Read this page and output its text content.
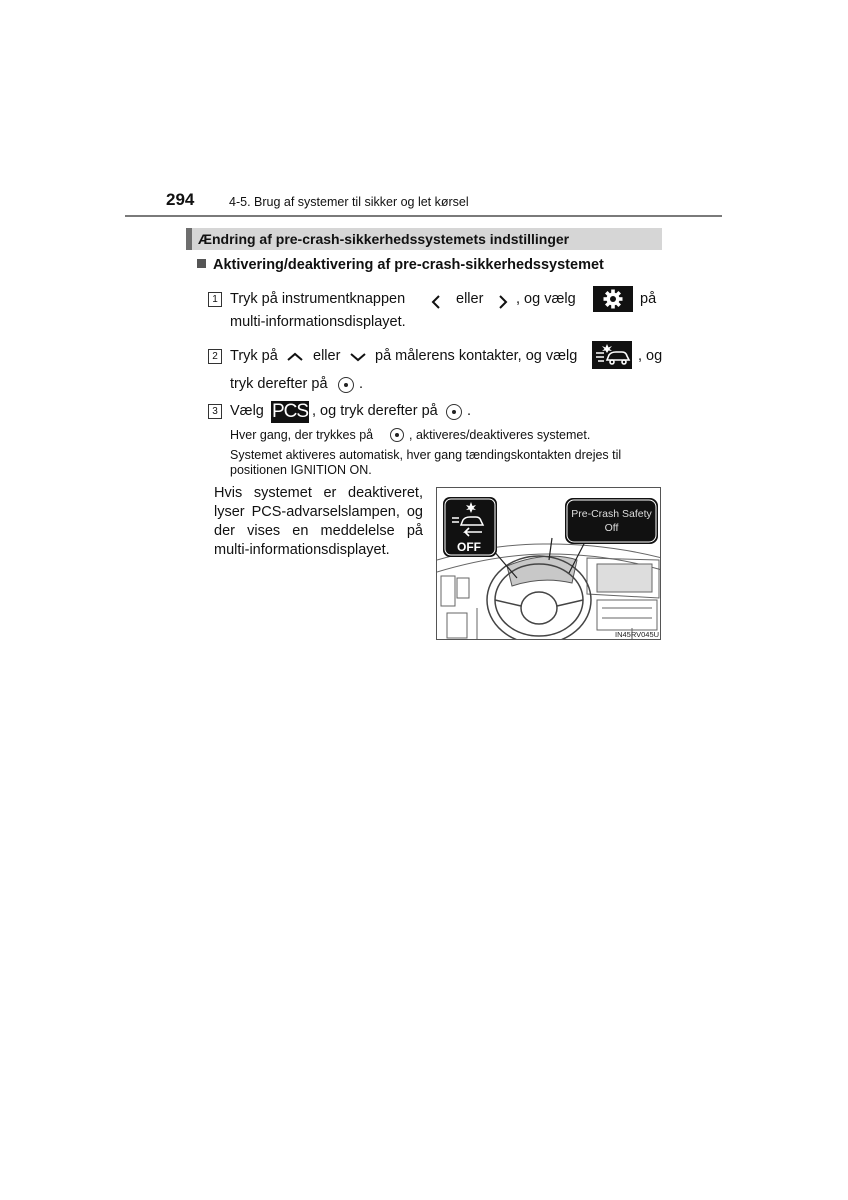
294	4-5. Brug af systemer til sikker og let kørsel
Ændring af pre-crash-sikkerhedssystemets indstillinger
Aktivering/deaktivering af pre-crash-sikkerhedssystemet
1 Tryk på instrumentknappen	eller , og vælg	på
multi-informationsdisplayet.
2 Tryk på eller på målerens kontakter, og vælg	, og
tryk derefter på .
3 Vælg PCS , og tryk derefter på .
Hver gang, der trykkes på	, aktiveres/deaktiveres systemet.
Systemet aktiveres automatisk, hver gang tændingskontakten drejes til
positionen IGNITION ON.
Hvis systemet er deaktiveret,
lyser PCS-advarselslampen, og
der vises en meddelelse på
multi-informationsdisplayet.	OFF
Pre-Crash Safety
Off
IN45RV045U
